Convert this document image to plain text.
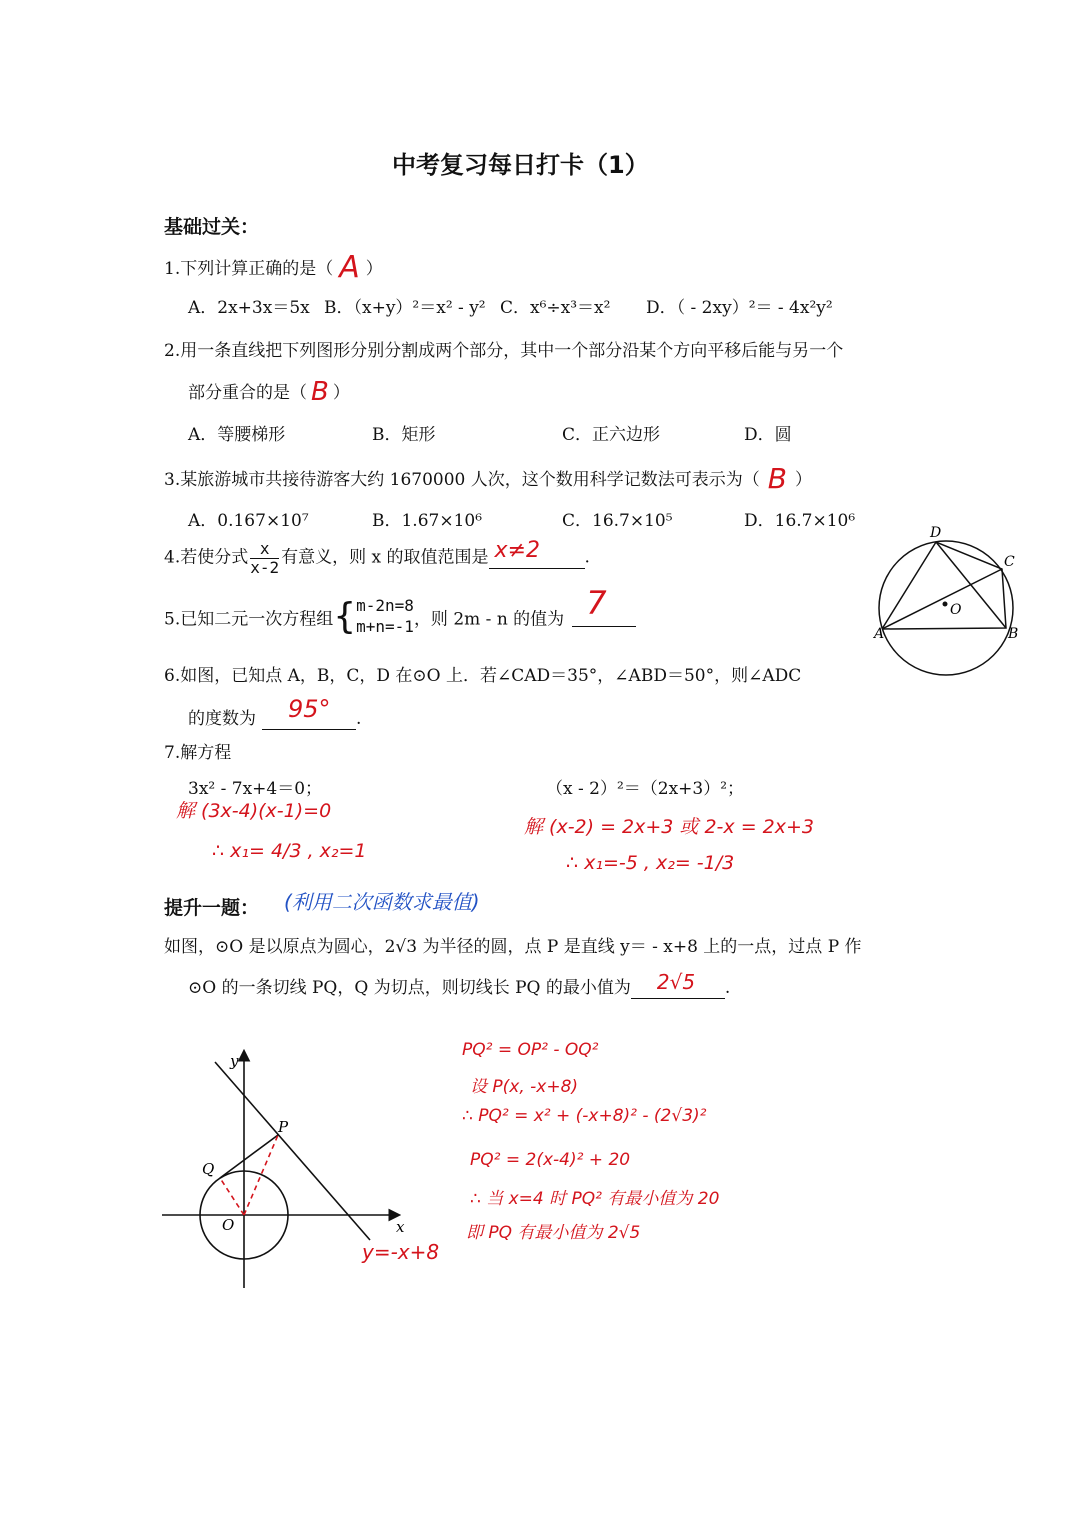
中考复习每日打卡（1）
基础过关：
1.下列计算正确的是（ A ）
A．2x+3x＝5x B．（x+y）²＝x² - y² C．x⁶÷x³＝x² D．（ - 2xy）²＝ - 4x²y²
2.用一条直线把下列图形分别分割成两个部分，其中一个部分沿某个方向平移后能与另一个
部分重合的是（ B ）
A．等腰梯形	B．矩形	C．正六边形	D．圆
3.某旅游城市共接待游客大约 1670000 人次，这个数用科学记数法可表示为（ B ）
A．0.167×10⁷	B．1.67×10⁶	C．16.7×10⁵	D．16.7×10⁶
4.若使分式 $\frac{x}{x-2}$ 有意义，则 x 的取值范围是 x≠2	.
5.已知二元一次方程组{ m-2n=8
m+n=-1 ，则 2m - n 的值为 7

6.如图，已知点 A，B，C，D 在⊙O 上．若∠CAD＝35°，∠ABD＝50°，则∠ADC
的度数为 95° .
D
C
A	B
O
7.解方程
3x² - 7x+4＝0；	（x - 2）²＝（2x+3）²；
解 (3x-4)(x-1)=0
∴ x₁= 4/3 , x₂=1
解 (x-2) = 2x+3 或 2-x = 2x+3
∴ x₁=-5 , x₂= -1/3
提升一题： (利用二次函数求最值)
如图，⊙O 是以原点为圆心，2√3 为半径的圆，点 P 是直线 y＝ - x+8 上的一点，过点 P 作
⊙O 的一条切线 PQ，Q 为切点，则切线长 PQ 的最小值为 2√5 .
y
x
P
Q
O
y=-x+8
PQ² = OP² - OQ²
设 P(x, -x+8)
∴ PQ² = x² + (-x+8)² - (2√3)²
PQ² = 2(x-4)² + 20
∴ 当 x=4 时 PQ² 有最小值为 20
即 PQ 有最小值为 2√5
